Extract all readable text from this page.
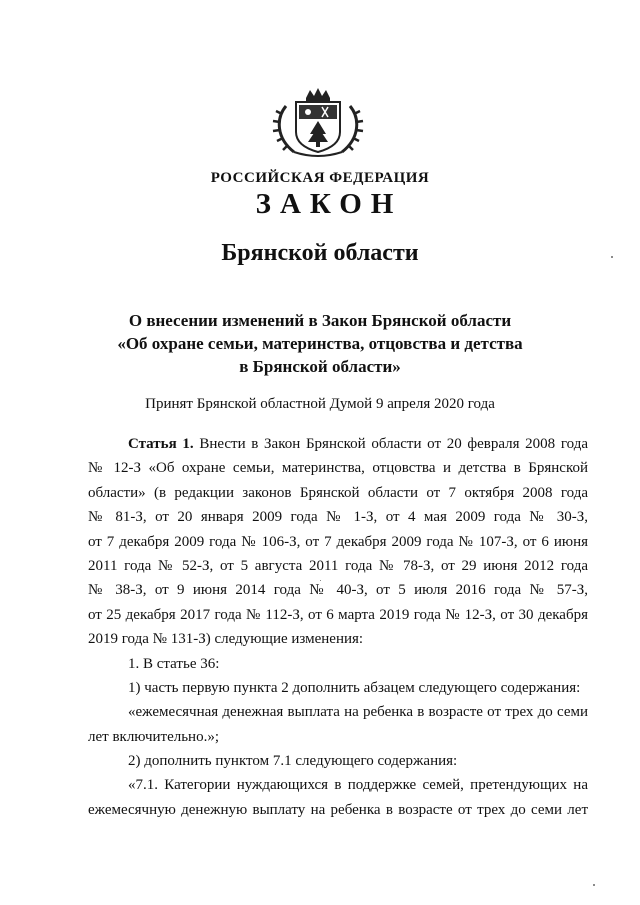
РОССИЙСКАЯ ФЕДЕРАЦИЯ
ЗАКОН
Брянской области
О внесении изменений в Закон Брянской области
«Об охране семьи, материнства, отцовства и детства
в Брянской области»
Принят Брянской областной Думой 9 апреля 2020 года
Статья 1. Внести в Закон Брянской области от 20 февраля 2008 года
№ 12-З «Об охране семьи, материнства, отцовства и детства в Брянской
области» (в редакции законов Брянской области от 7 октября 2008 года
№ 81-З, от 20 января 2009 года № 1-З, от 4 мая 2009 года № 30-З,
от 7 декабря 2009 года № 106-З, от 7 декабря 2009 года № 107-З, от 6 июня
2011 года № 52-З, от 5 августа 2011 года № 78-З, от 29 июня 2012 года
№ 38-З, от 9 июня 2014 года № 40-З, от 5 июля 2016 года № 57-З,
от 25 декабря 2017 года № 112-З, от 6 марта 2019 года № 12-З, от 30 декабря
2019 года № 131-З) следующие изменения:
1. В статье 36:
1) часть первую пункта 2 дополнить абзацем следующего содержания:
«ежемесячная денежная выплата на ребенка в возрасте от трех до семи
лет включительно.»;
2) дополнить пунктом 7.1 следующего содержания:
«7.1. Категории нуждающихся в поддержке семей, претендующих на
ежемесячную денежную выплату на ребенка в возрасте от трех до семи лет
